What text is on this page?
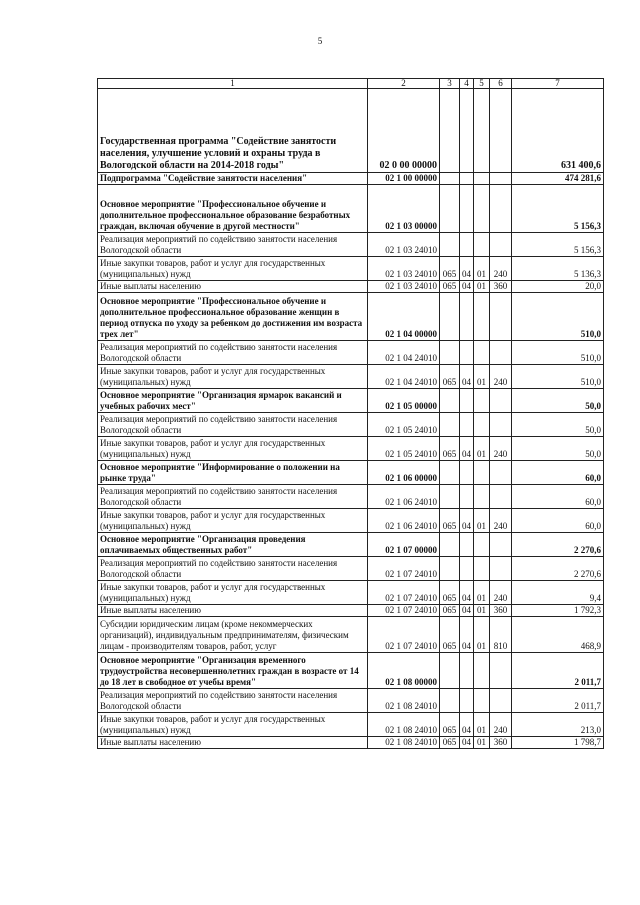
5
1	2	3	4	5	6	7
Государственная программа "Содействие занятости населения, улучшение условий и охраны труда в Вологодской области на 2014-2018 годы"	02 0 00 00000					631 400,6
Подпрограмма "Содействие занятости населения"	02 1 00 00000					474 281,6
Основное мероприятие "Профессиональное обучение и дополнительное профессиональное образование безработных граждан, включая обучение в другой местности"	02 1 03 00000					5 156,3
Реализация мероприятий по содействию занятости населения Вологодской области	02 1 03 24010					5 156,3
Иные закупки товаров, работ и услуг для государственных (муниципальных) нужд	02 1 03 24010	065	04	01	240	5 136,3
Иные выплаты населению	02 1 03 24010	065	04	01	360	20,0
Основное мероприятие "Профессиональное обучение и дополнительное профессиональное образование женщин в период отпуска по уходу за ребенком до достижения им возраста трех лет"	02 1 04 00000					510,0
Реализация мероприятий по содействию занятости населения Вологодской области	02 1 04 24010					510,0
Иные закупки товаров, работ и услуг для государственных (муниципальных) нужд	02 1 04 24010	065	04	01	240	510,0
Основное мероприятие "Организация ярмарок вакансий и учебных рабочих мест"	02 1 05 00000					50,0
Реализация мероприятий по содействию занятости населения Вологодской области	02 1 05 24010					50,0
Иные закупки товаров, работ и услуг для государственных (муниципальных) нужд	02 1 05 24010	065	04	01	240	50,0
Основное мероприятие "Информирование о положении на рынке труда"	02 1 06 00000					60,0
Реализация мероприятий по содействию занятости населения Вологодской области	02 1 06 24010					60,0
Иные закупки товаров, работ и услуг для государственных (муниципальных) нужд	02 1 06 24010	065	04	01	240	60,0
Основное мероприятие "Организация проведения оплачиваемых общественных работ"	02 1 07 00000					2 270,6
Реализация мероприятий по содействию занятости населения Вологодской области	02 1 07 24010					2 270,6
Иные закупки товаров, работ и услуг для государственных (муниципальных) нужд	02 1 07 24010	065	04	01	240	9,4
Иные выплаты населению	02 1 07 24010	065	04	01	360	1 792,3
Субсидии юридическим лицам (кроме некоммерческих организаций), индивидуальным предпринимателям, физическим лицам - производителям товаров, работ, услуг	02 1 07 24010	065	04	01	810	468,9
Основное мероприятие "Организация временного трудоустройства несовершеннолетних граждан в возрасте от 14 до 18 лет в свободное от учебы время"	02 1 08 00000					2 011,7
Реализация мероприятий по содействию занятости населения Вологодской области	02 1 08 24010					2 011,7
Иные закупки товаров, работ и услуг для государственных (муниципальных) нужд	02 1 08 24010	065	04	01	240	213,0
Иные выплаты населению	02 1 08 24010	065	04	01	360	1 798,7
